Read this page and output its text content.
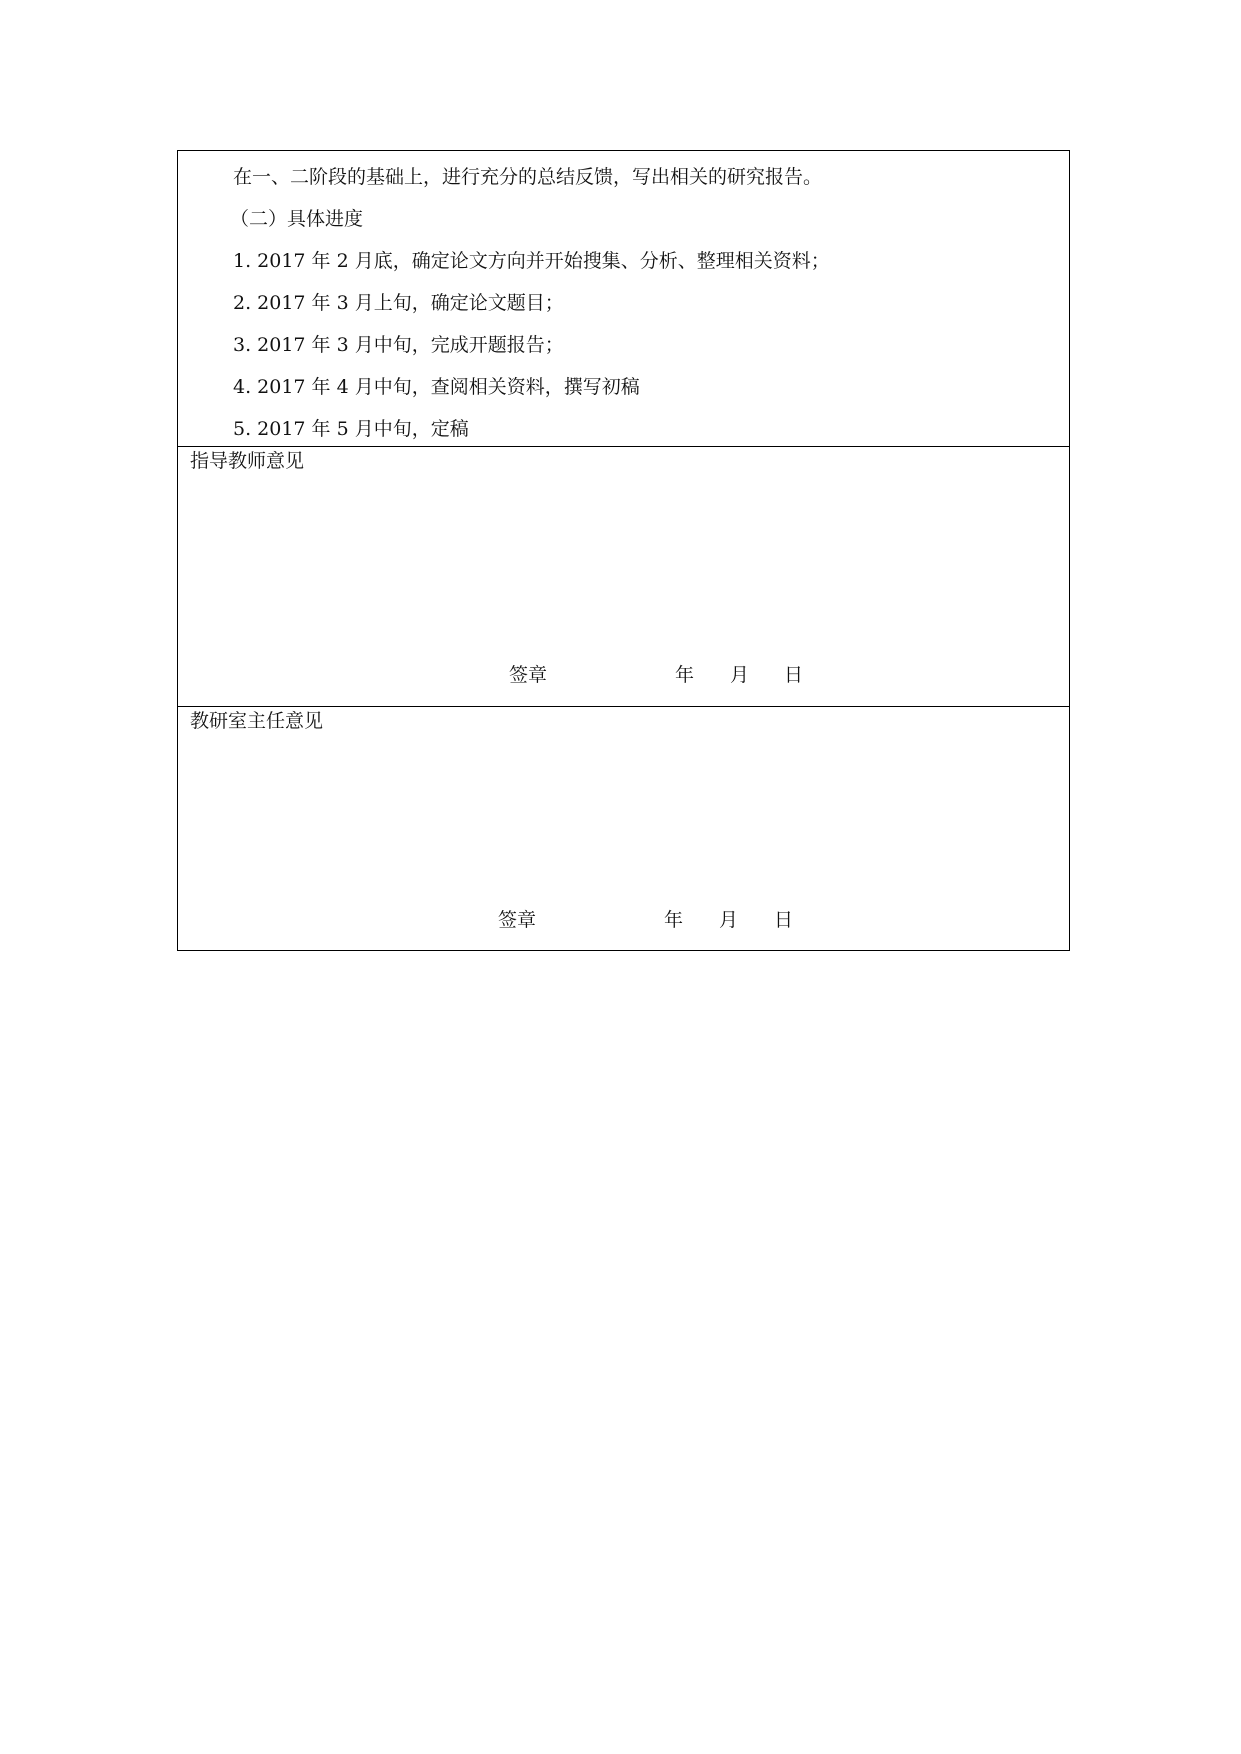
在一、二阶段的基础上，进行充分的总结反馈，写出相关的研究报告。
（二）具体进度
1. 2017 年 2 月底，确定论文方向并开始搜集、分析、整理相关资料；
2. 2017 年 3 月上旬，确定论文题目；
3. 2017 年 3 月中旬，完成开题报告；
4. 2017 年 4 月中旬，查阅相关资料，撰写初稿
5. 2017 年 5 月中旬，定稿
指导教师意见
签章	年 月 日
教研室主任意见
签章	年 月 日
